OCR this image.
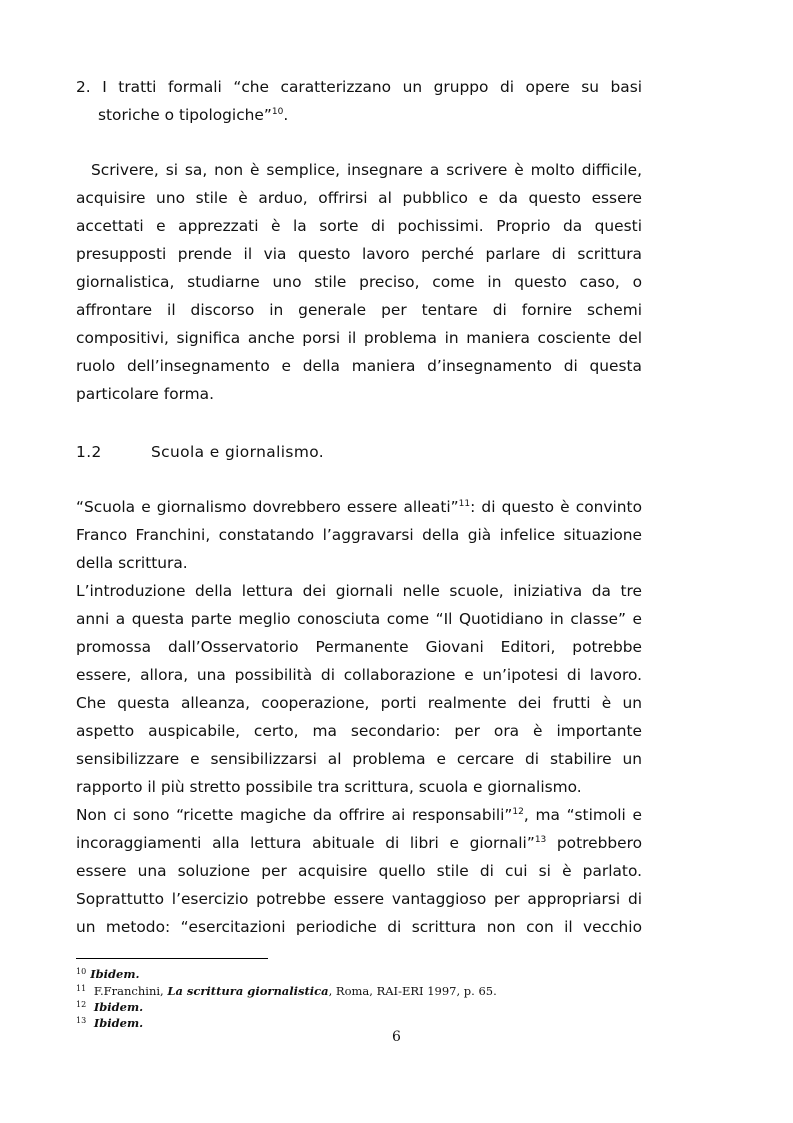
2. I tratti formali “che caratterizzano un gruppo di opere su basi

storiche o tipologiche”$^{10}$.

Scrivere, si sa, non è semplice, insegnare a scrivere è molto difficile,

acquisire uno stile è arduo, offrirsi al pubblico e da questo essere

accettati e apprezzati è la sorte di pochissimi. Proprio da questi

presupposti prende il via questo lavoro perché parlare di scrittura

giornalistica, studiarne uno stile preciso, come in questo caso, o

affrontare il discorso in generale per tentare di fornire schemi

compositivi, significa anche porsi il problema in maniera cosciente del

ruolo dell’insegnamento e della maniera d’insegnamento di questa

particolare forma.

1.2	Scuola e giornalismo.

“Scuola e giornalismo dovrebbero essere alleati”$^{11}$: di questo è convinto

Franco Franchini, constatando l’aggravarsi della già infelice situazione

della scrittura.

L’introduzione della lettura dei giornali nelle scuole, iniziativa da tre

anni a questa parte meglio conosciuta come “Il Quotidiano in classe” e

promossa dall’Osservatorio Permanente Giovani Editori, potrebbe

essere, allora, una possibilità di collaborazione e un’ipotesi di lavoro.

Che questa alleanza, cooperazione, porti realmente dei frutti è un

aspetto auspicabile, certo, ma secondario: per ora è importante

sensibilizzare e sensibilizzarsi al problema e cercare di stabilire un

rapporto il più stretto possibile tra scrittura, scuola e giornalismo.

Non ci sono “ricette magiche da offrire ai responsabili”$^{12}$, ma “stimoli e

incoraggiamenti alla lettura abituale di libri e giornali”$^{13}$ potrebbero

essere una soluzione per acquisire quello stile di cui si è parlato.

Soprattutto l’esercizio potrebbe essere vantaggioso per appropriarsi di

un metodo: “esercitazioni periodiche di scrittura non con il vecchio

$^{10}$ Ibidem.
$^{11}$ F.Franchini, La scrittura giornalistica, Roma, RAI-ERI 1997, p. 65.
$^{12}$ Ibidem.
$^{13}$ Ibidem.
6
